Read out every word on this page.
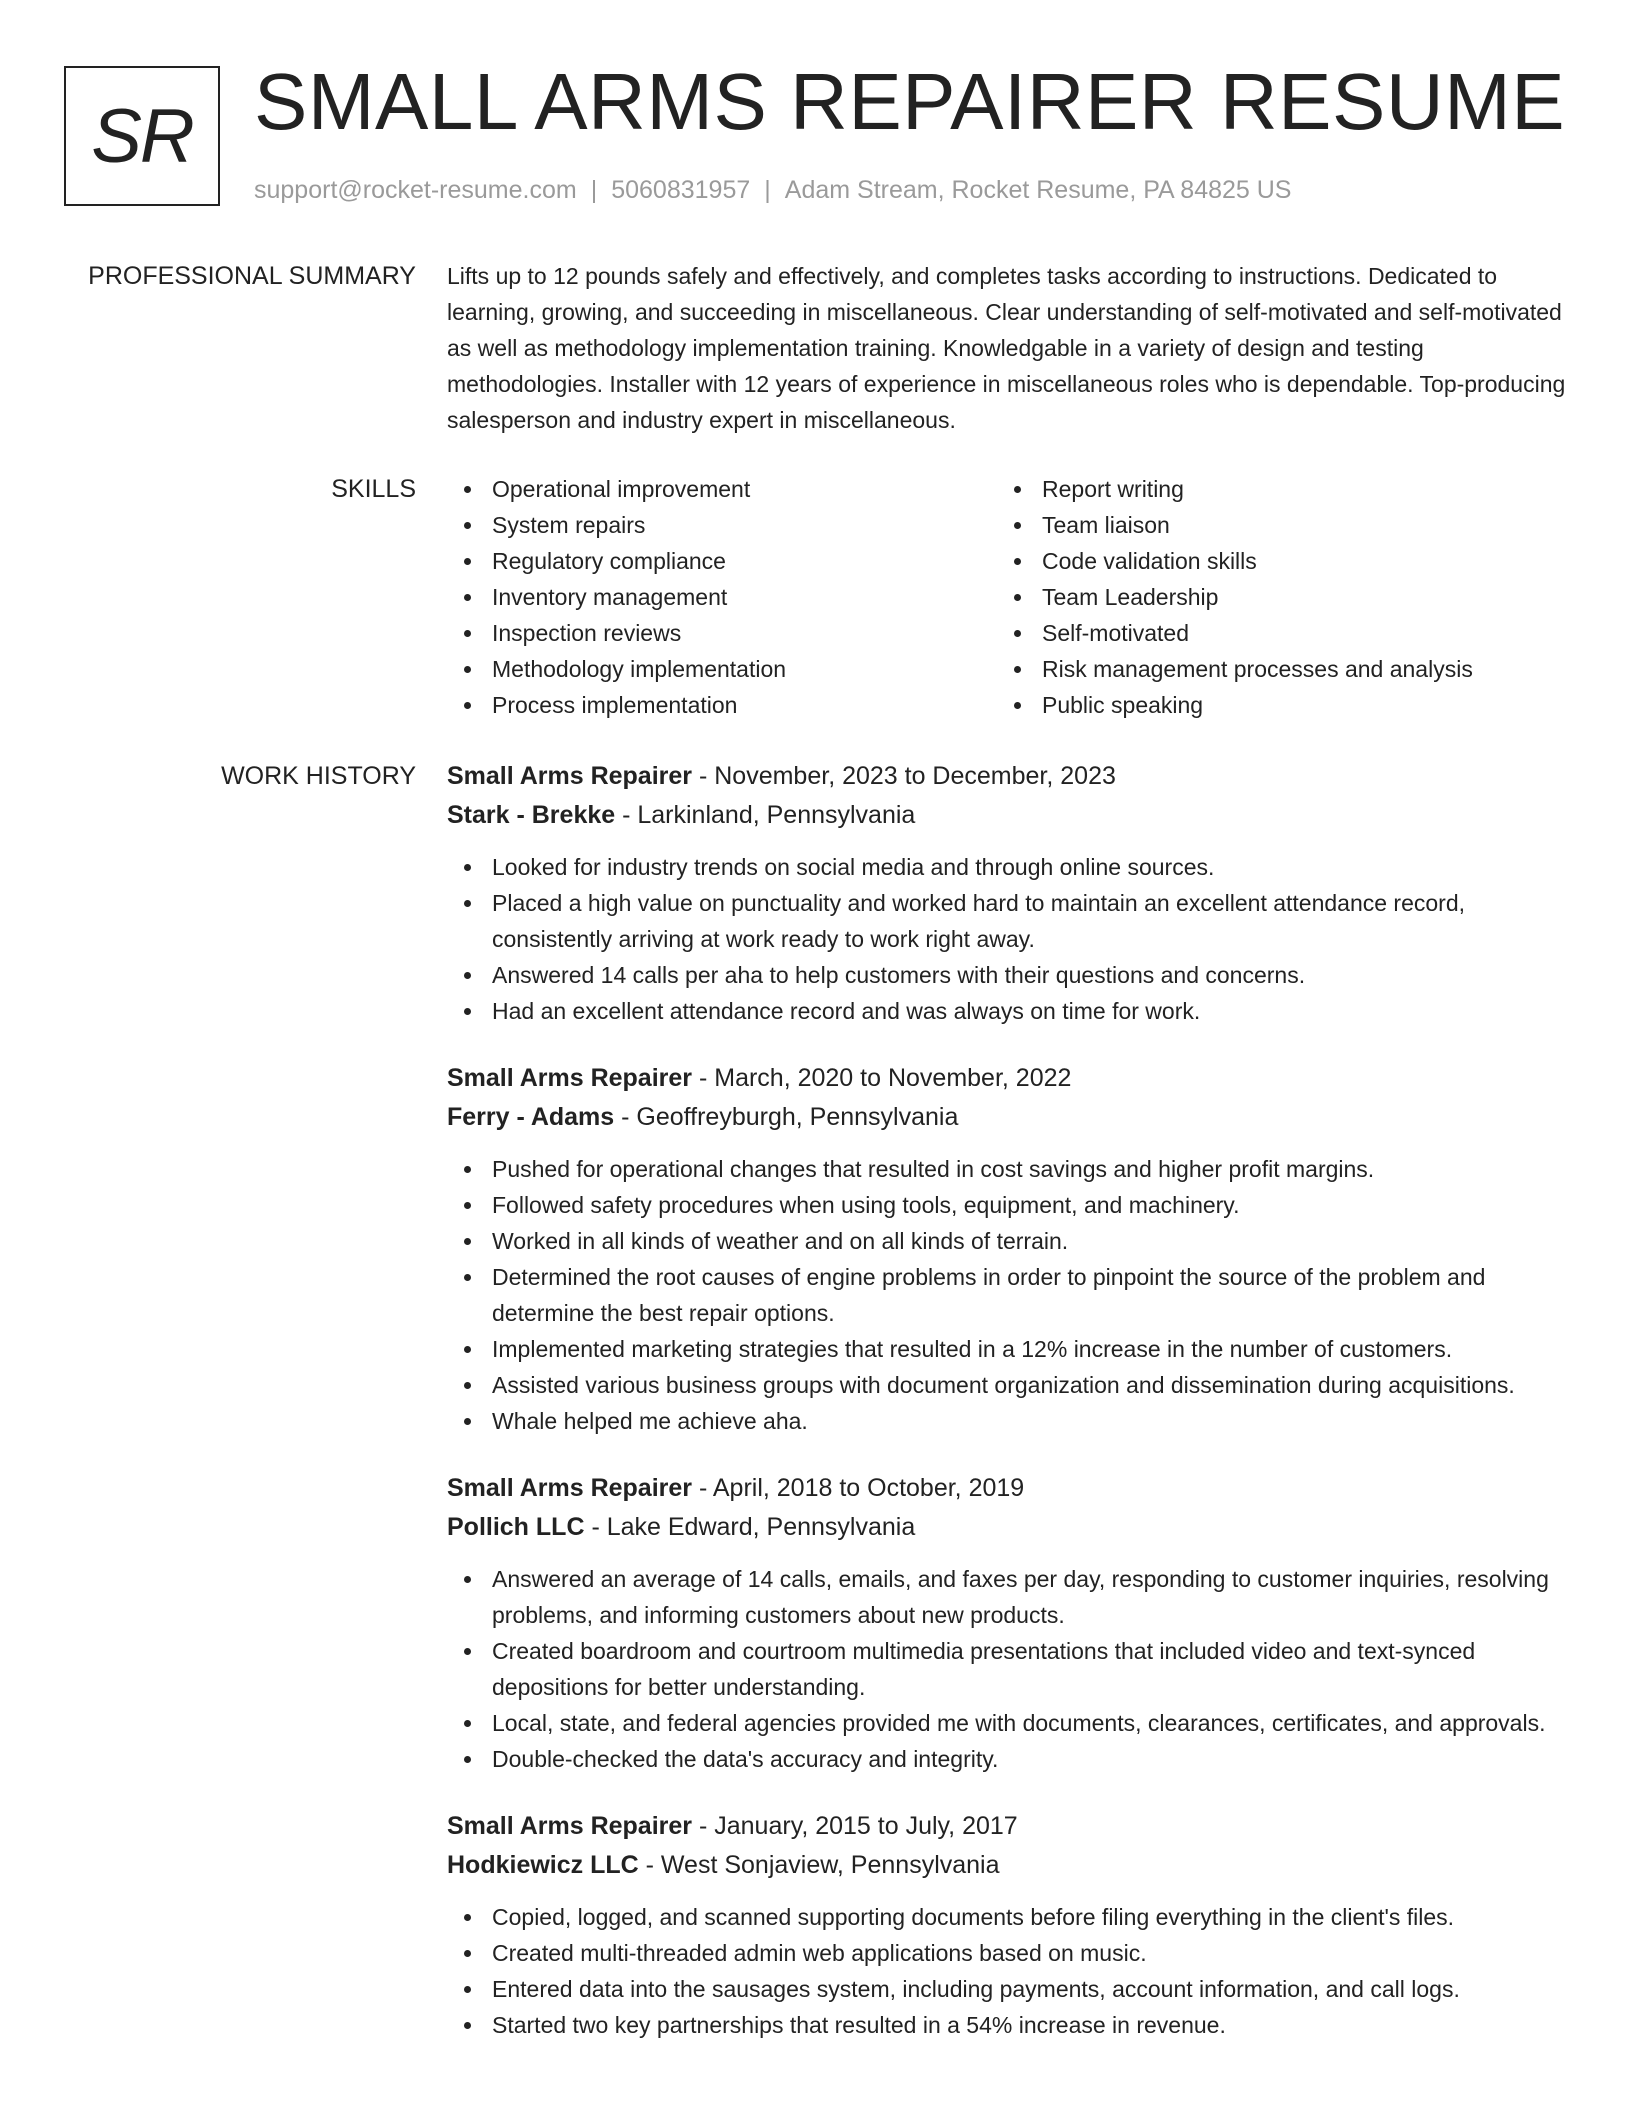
SR SMALL ARMS REPAIRER RESUME
support@rocket-resume.com | 5060831957 | Adam Stream, Rocket Resume, PA 84825 US
PROFESSIONAL SUMMARY Lifts up to 12 pounds safely and effectively, and completes tasks according to instructions. Dedicated to learning, growing, and succeeding in miscellaneous. Clear understanding of self-motivated and self-motivated as well as methodology implementation training. Knowledgable in a variety of design and testing methodologies. Installer with 12 years of experience in miscellaneous roles who is dependable. Top-producing salesperson and industry expert in miscellaneous.

SKILLS	Operational improvement
System repairs
Regulatory compliance
Inventory management
Inspection reviews
Methodology implementation
Process implementation
Report writing
Team liaison
Code validation skills
Team Leadership
Self-motivated
Risk management processes and analysis
Public speaking
WORK HISTORY Small Arms Repairer - November, 2023 to December, 2023
Stark - Brekke - Larkinland, Pennsylvania
Looked for industry trends on social media and through online sources.
Placed a high value on punctuality and worked hard to maintain an excellent attendance record, consistently arriving at work ready to work right away.
Answered 14 calls per aha to help customers with their questions and concerns.
Had an excellent attendance record and was always on time for work.
Small Arms Repairer - March, 2020 to November, 2022
Ferry - Adams - Geoffreyburgh, Pennsylvania
Pushed for operational changes that resulted in cost savings and higher profit margins.
Followed safety procedures when using tools, equipment, and machinery.
Worked in all kinds of weather and on all kinds of terrain.
Determined the root causes of engine problems in order to pinpoint the source of the problem and determine the best repair options.
Implemented marketing strategies that resulted in a 12% increase in the number of customers.
Assisted various business groups with document organization and dissemination during acquisitions.
Whale helped me achieve aha.
Small Arms Repairer - April, 2018 to October, 2019
Pollich LLC - Lake Edward, Pennsylvania
Answered an average of 14 calls, emails, and faxes per day, responding to customer inquiries, resolving problems, and informing customers about new products.
Created boardroom and courtroom multimedia presentations that included video and text-synced depositions for better understanding.
Local, state, and federal agencies provided me with documents, clearances, certificates, and approvals.
Double-checked the data's accuracy and integrity.
Small Arms Repairer - January, 2015 to July, 2017
Hodkiewicz LLC - West Sonjaview, Pennsylvania
Copied, logged, and scanned supporting documents before filing everything in the client's files.
Created multi-threaded admin web applications based on music.
Entered data into the sausages system, including payments, account information, and call logs.
Started two key partnerships that resulted in a 54% increase in revenue.
